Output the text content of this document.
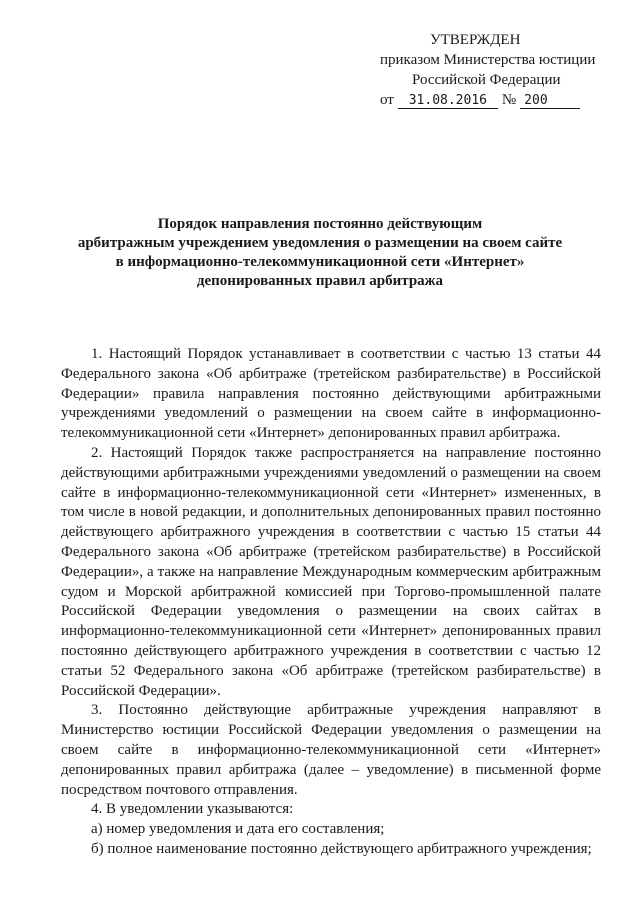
УТВЕРЖДЕН
приказом Министерства юстиции
Российской Федерации
от 31.08.2016 № 200
Порядок направления постоянно действующим
арбитражным учреждением уведомления о размещении на своем сайте
в информационно-телекоммуникационной сети «Интернет»
депонированных правил арбитража

1. Настоящий Порядок устанавливает в соответствии с частью 13 статьи 44 Федерального закона «Об арбитраже (третейском разбирательстве) в Российской Федерации» правила направления постоянно действующими арбитражными учреждениями уведомлений о размещении на своем сайте в информационно-телекоммуникационной сети «Интернет» депонированных правил арбитража.

2. Настоящий Порядок также распространяется на направление постоянно действующими арбитражными учреждениями уведомлений о размещении на своем сайте в информационно-телекоммуникационной сети «Интернет» измененных, в том числе в новой редакции, и дополнительных депонированных правил постоянно действующего арбитражного учреждения в соответствии с частью 15 статьи 44 Федерального закона «Об арбитраже (третейском разбирательстве) в Российской Федерации», а также на направление Международным коммерческим арбитражным судом и Морской арбитражной комиссией при Торгово-промышленной палате Российской Федерации уведомления о размещении на своих сайтах в информационно-телекоммуникационной сети «Интернет» депонированных правил постоянно действующего арбитражного учреждения в соответствии с частью 12 статьи 52 Федерального закона «Об арбитраже (третейском разбирательстве) в Российской Федерации».

3. Постоянно действующие арбитражные учреждения направляют в Министерство юстиции Российской Федерации уведомления о размещении на своем сайте в информационно-телекоммуникационной сети «Интернет» депонированных правил арбитража (далее – уведомление) в письменной форме посредством почтового отправления.

4. В уведомлении указываются:

а) номер уведомления и дата его составления;

б) полное наименование постоянно действующего арбитражного учреждения;
